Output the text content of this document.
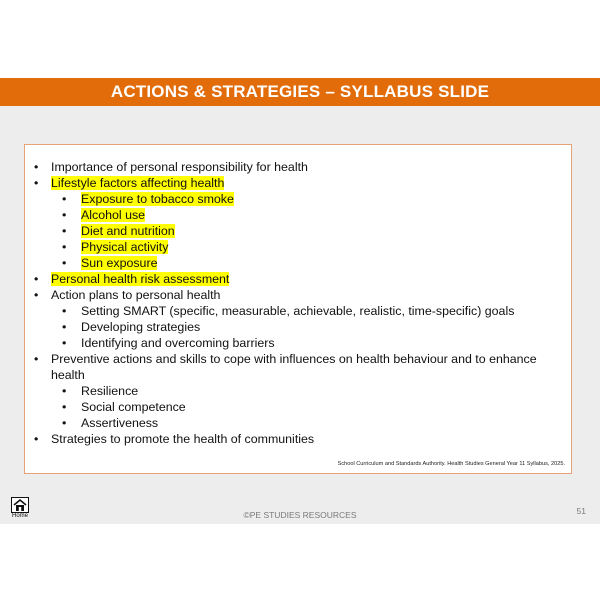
ACTIONS & STRATEGIES – SYLLABUS SLIDE
• Importance of personal responsibility for health
• Lifestyle factors affecting health
• Exposure to tobacco smoke
• Alcohol use
• Diet and nutrition
• Physical activity
• Sun exposure
• Personal health risk assessment
• Action plans to personal health
• Setting SMART (specific, measurable, achievable, realistic, time-specific) goals
• Developing strategies
• Identifying and overcoming barriers
• Preventive actions and skills to cope with influences on health behaviour and to enhance health
• Resilience
• Social competence
• Assertiveness
• Strategies to promote the health of communities
School Curriculum and Standards Authority. Health Studies General Year 11 Syllabus, 2025.
Home	©PE STUDIES RESOURCES	51
